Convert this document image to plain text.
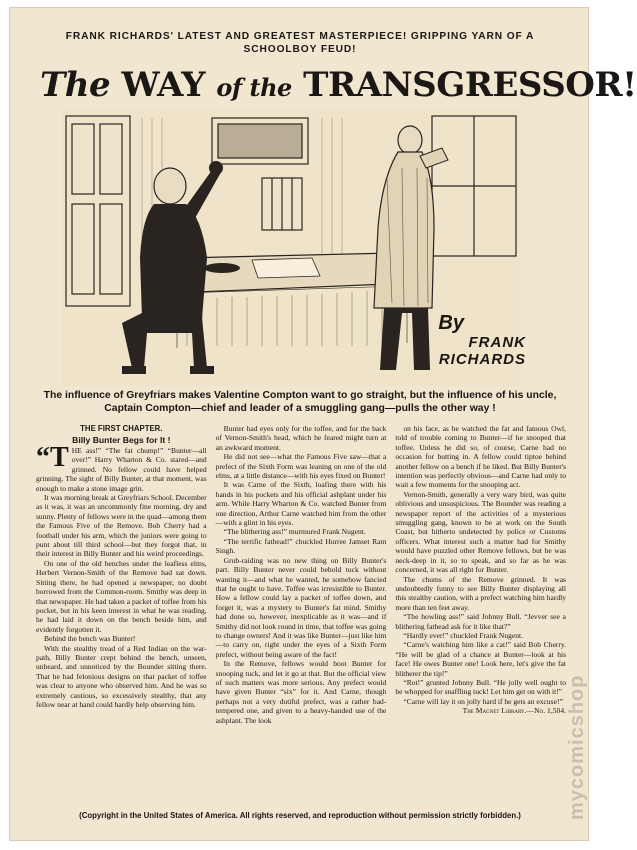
FRANK RICHARDS' LATEST AND GREATEST MASTERPIECE! GRIPPING YARN OF A
SCHOOLBOY FEUD!
The WAY of the TRANSGRESSOR!
By
FRANK RICHARDS
The influence of Greyfriars makes Valentine Compton want to go straight, but the influence of his uncle,
Captain Compton—chief and leader of a smuggling gang—pulls the other way !

THE FIRST CHAPTER.

Billy Bunter Begs for It !

“THE ass!” “The fat chump!” “Bunter—all over!” Harry Wharton & Co. stared—and grinned. No fellow could have helped grinning. The sight of Billy Bunter, at that moment, was enough to make a stone image grin.

It was morning break at Greyfriars School. December as it was, it was an uncommonly fine morning, dry and sunny. Plenty of fellows were in the quad—among them the Famous Five of the Remove. Bob Cherry had a football under his arm, which the juniors were going to punt about till third school—but they forgot that, in their interest in Billy Bunter and his weird proceedings.

On one of the old benches under the leafless elms, Herbert Vernon-Smith of the Remove had sat down. Sitting there, he had opened a newspaper, no doubt borrowed from the Common-room. Smithy was deep in that newspaper. He had taken a packet of toffee from his pocket, but in his keen interest in what he was reading, he had laid it down on the bench beside him, and evidently forgotten it.

Behind the bench was Bunter!

With the stealthy tread of a Red Indian on the war-path, Billy Bunter crept behind the bench, unseen, unheard, and unnoticed by the Bounder sitting there. That he had felonious designs on that packet of toffee was clear to anyone who observed him. And he was so extremely cautious, so excessively stealthy, that any fellow near at hand could hardly help observing him.

Bunter had eyes only for the toffee, and for the back of Vernon-Smith's head, which he feared might turn at an awkward moment.

He did not see—what the Famous Five saw—that a prefect of the Sixth Form was leaning on one of the old elms, at a little distance—with his eyes fixed on Bunter!

It was Carne of the Sixth, loafing there with his hands in his pockets and his official ashplant under his arm. While Harry Wharton & Co. watched Bunter from one direction, Arthur Carne watched him from the other—with a glint in his eyes.

“The blithering ass!” murmured Frank Nugent.

“The terrific fathead!” chuckled Hurree Jamset Ram Singh.

Grub-raiding was no new thing on Billy Bunter's part. Billy Bunter never could behold tuck without wanting it—and what he wanted, he somehow fancied that he ought to have. Toffee was irresistible to Bunter. How a fellow could lay a packet of toffee down, and forget it, was a mystery to Bunter's fat mind. Smithy had done so, however, inexplicable as it was—and if Smithy did not look round in time, that toffee was going to change owners! And it was like Bunter—just like him—to carry on, right under the eyes of a Sixth Form prefect, without being aware of the fact!

In the Remove, fellows would boot Bunter for snooping tuck, and let it go at that. But the official view of such matters was more serious. Any prefect would have given Bunter “six” for it. And Carne, though perhaps not a very dutiful prefect, was a rather bad-tempered one, and given to a heavy-handed use of the ashplant. The look

on his face, as he watched the fat and fatuous Owl, told of trouble coming to Bunter—if he snooped that toffee. Unless he did so, of course, Carne had no occasion for butting in. A fellow could tiptoe behind another fellow on a bench if he liked. But Billy Bunter's intention was perfectly obvious—and Carne had only to wait a few moments for the snooping act.

Vernon-Smith, generally a very wary bird, was quite oblivious and unsuspicious. The Bounder was reading a newspaper report of the activities of a mysterious smuggling gang, known to be at work on the South Coast, but hitherto undetected by police or Customs officers. What interest such a matter had for Smithy would have puzzled other Remove fellows, but he was neck-deep in it, so to speak, and so far as he was concerned, it was all right for Bunter.

The chums of the Remove grinned. It was undoubtedly funny to see Billy Bunter displaying all this stealthy caution, with a prefect watching him hardly more than ten feet away.

“The howling ass!” said Johnny Bull. “Jevver see a blithering fathead ask for it like that?”

“Hardly ever!” chuckled Frank Nugent.

“Carne's watching him like a cat!” said Bob Cherry. “He will be glad of a chance at Bunter—look at his face! He owes Bunter one! Look here, let's give the fat blitherer the tip!”

“Rot!” grunted Johnny Bull. “He jolly well ought to be whopped for snaffling tuck! Let him get on with it!”

“Carne will lay it on jolly hard if he gets an excuse!”

The Magnet Library.—No. 1,504.

(Copyright in the United States of America. All rights reserved, and reproduction without permission strictly forbidden.)	mycomicshop
